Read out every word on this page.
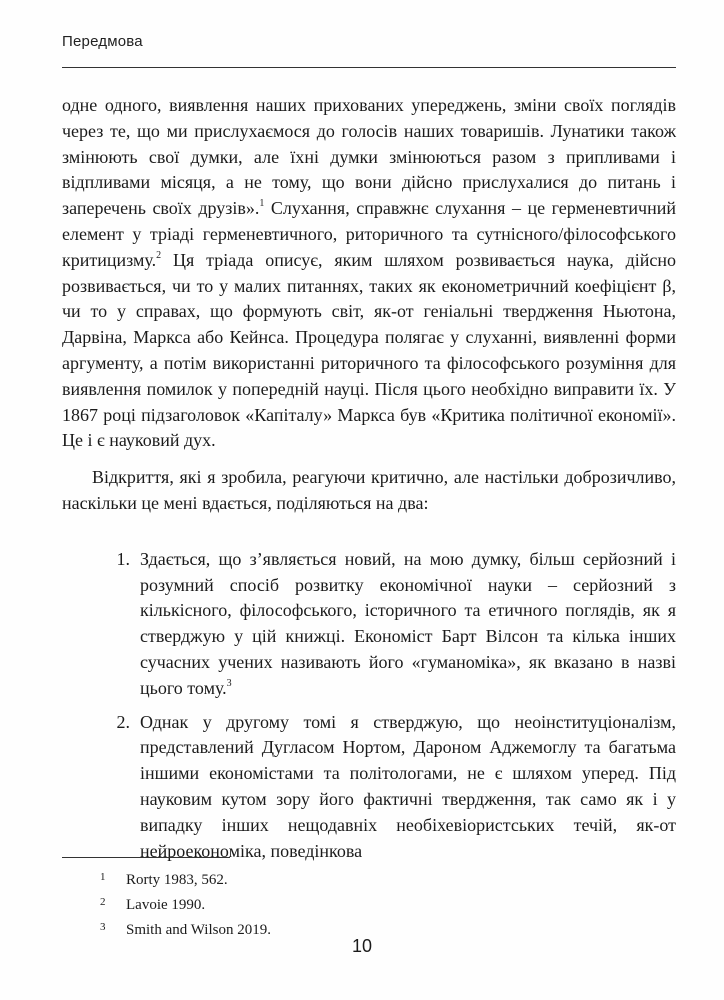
Передмова

одне одного, виявлення наших прихованих упереджень, зміни своїх поглядів через те, що ми прислухаємося до голосів наших товаришів. Лунатики також змінюють свої думки, але їхні думки змінюються разом з припливами і відпливами місяця, а не тому, що вони дійсно прислухалися до питань і заперечень своїх друзів».$^1$ Слухання, справжнє слухання – це герменевтичний елемент у тріаді герменевтичного, риторичного та сутнісного/філософського критицизму.$^2$ Ця тріада описує, яким шляхом розвивається наука, дійсно розвивається, чи то у малих питаннях, таких як економетричний коефіцієнт β, чи то у справах, що формують світ, як-от геніальні твердження Ньютона, Дарвіна, Маркса або Кейнса. Процедура полягає у слуханні, виявленні форми аргументу, а потім використанні риторичного та філософського розуміння для виявлення помилок у попередній науці. Після цього необхідно виправити їх. У 1867 році підзаголовок «Капіталу» Маркса був «Критика політичної економії». Це і є науковий дух.

Відкриття, які я зробила, реагуючи критично, але настільки доброзичливо, наскільки це мені вдається, поділяються на два:

1. Здається, що з’являється новий, на мою думку, більш серйозний і розумний спосіб розвитку економічної науки – серйозний з кількісного, філософського, історичного та етичного поглядів, як я стверджую у цій книжці. Економіст Барт Вілсон та кілька інших сучасних учених називають його «гуманоміка», як вказано в назві цього тому.$^3$
2. Однак у другому томі я стверджую, що неоінституціоналізм, представлений Дугласом Нортом, Дароном Аджемоглу та багатьма іншими економістами та політологами, не є шляхом уперед. Під науковим кутом зору його фактичні твердження, так само як і у випадку інших нещодавніх необіхевіористських течій, як-от нейроекономіка, поведінкова
1	Rorty 1983, 562.
2	Lavoie 1990.
3	Smith and Wilson 2019.
10
